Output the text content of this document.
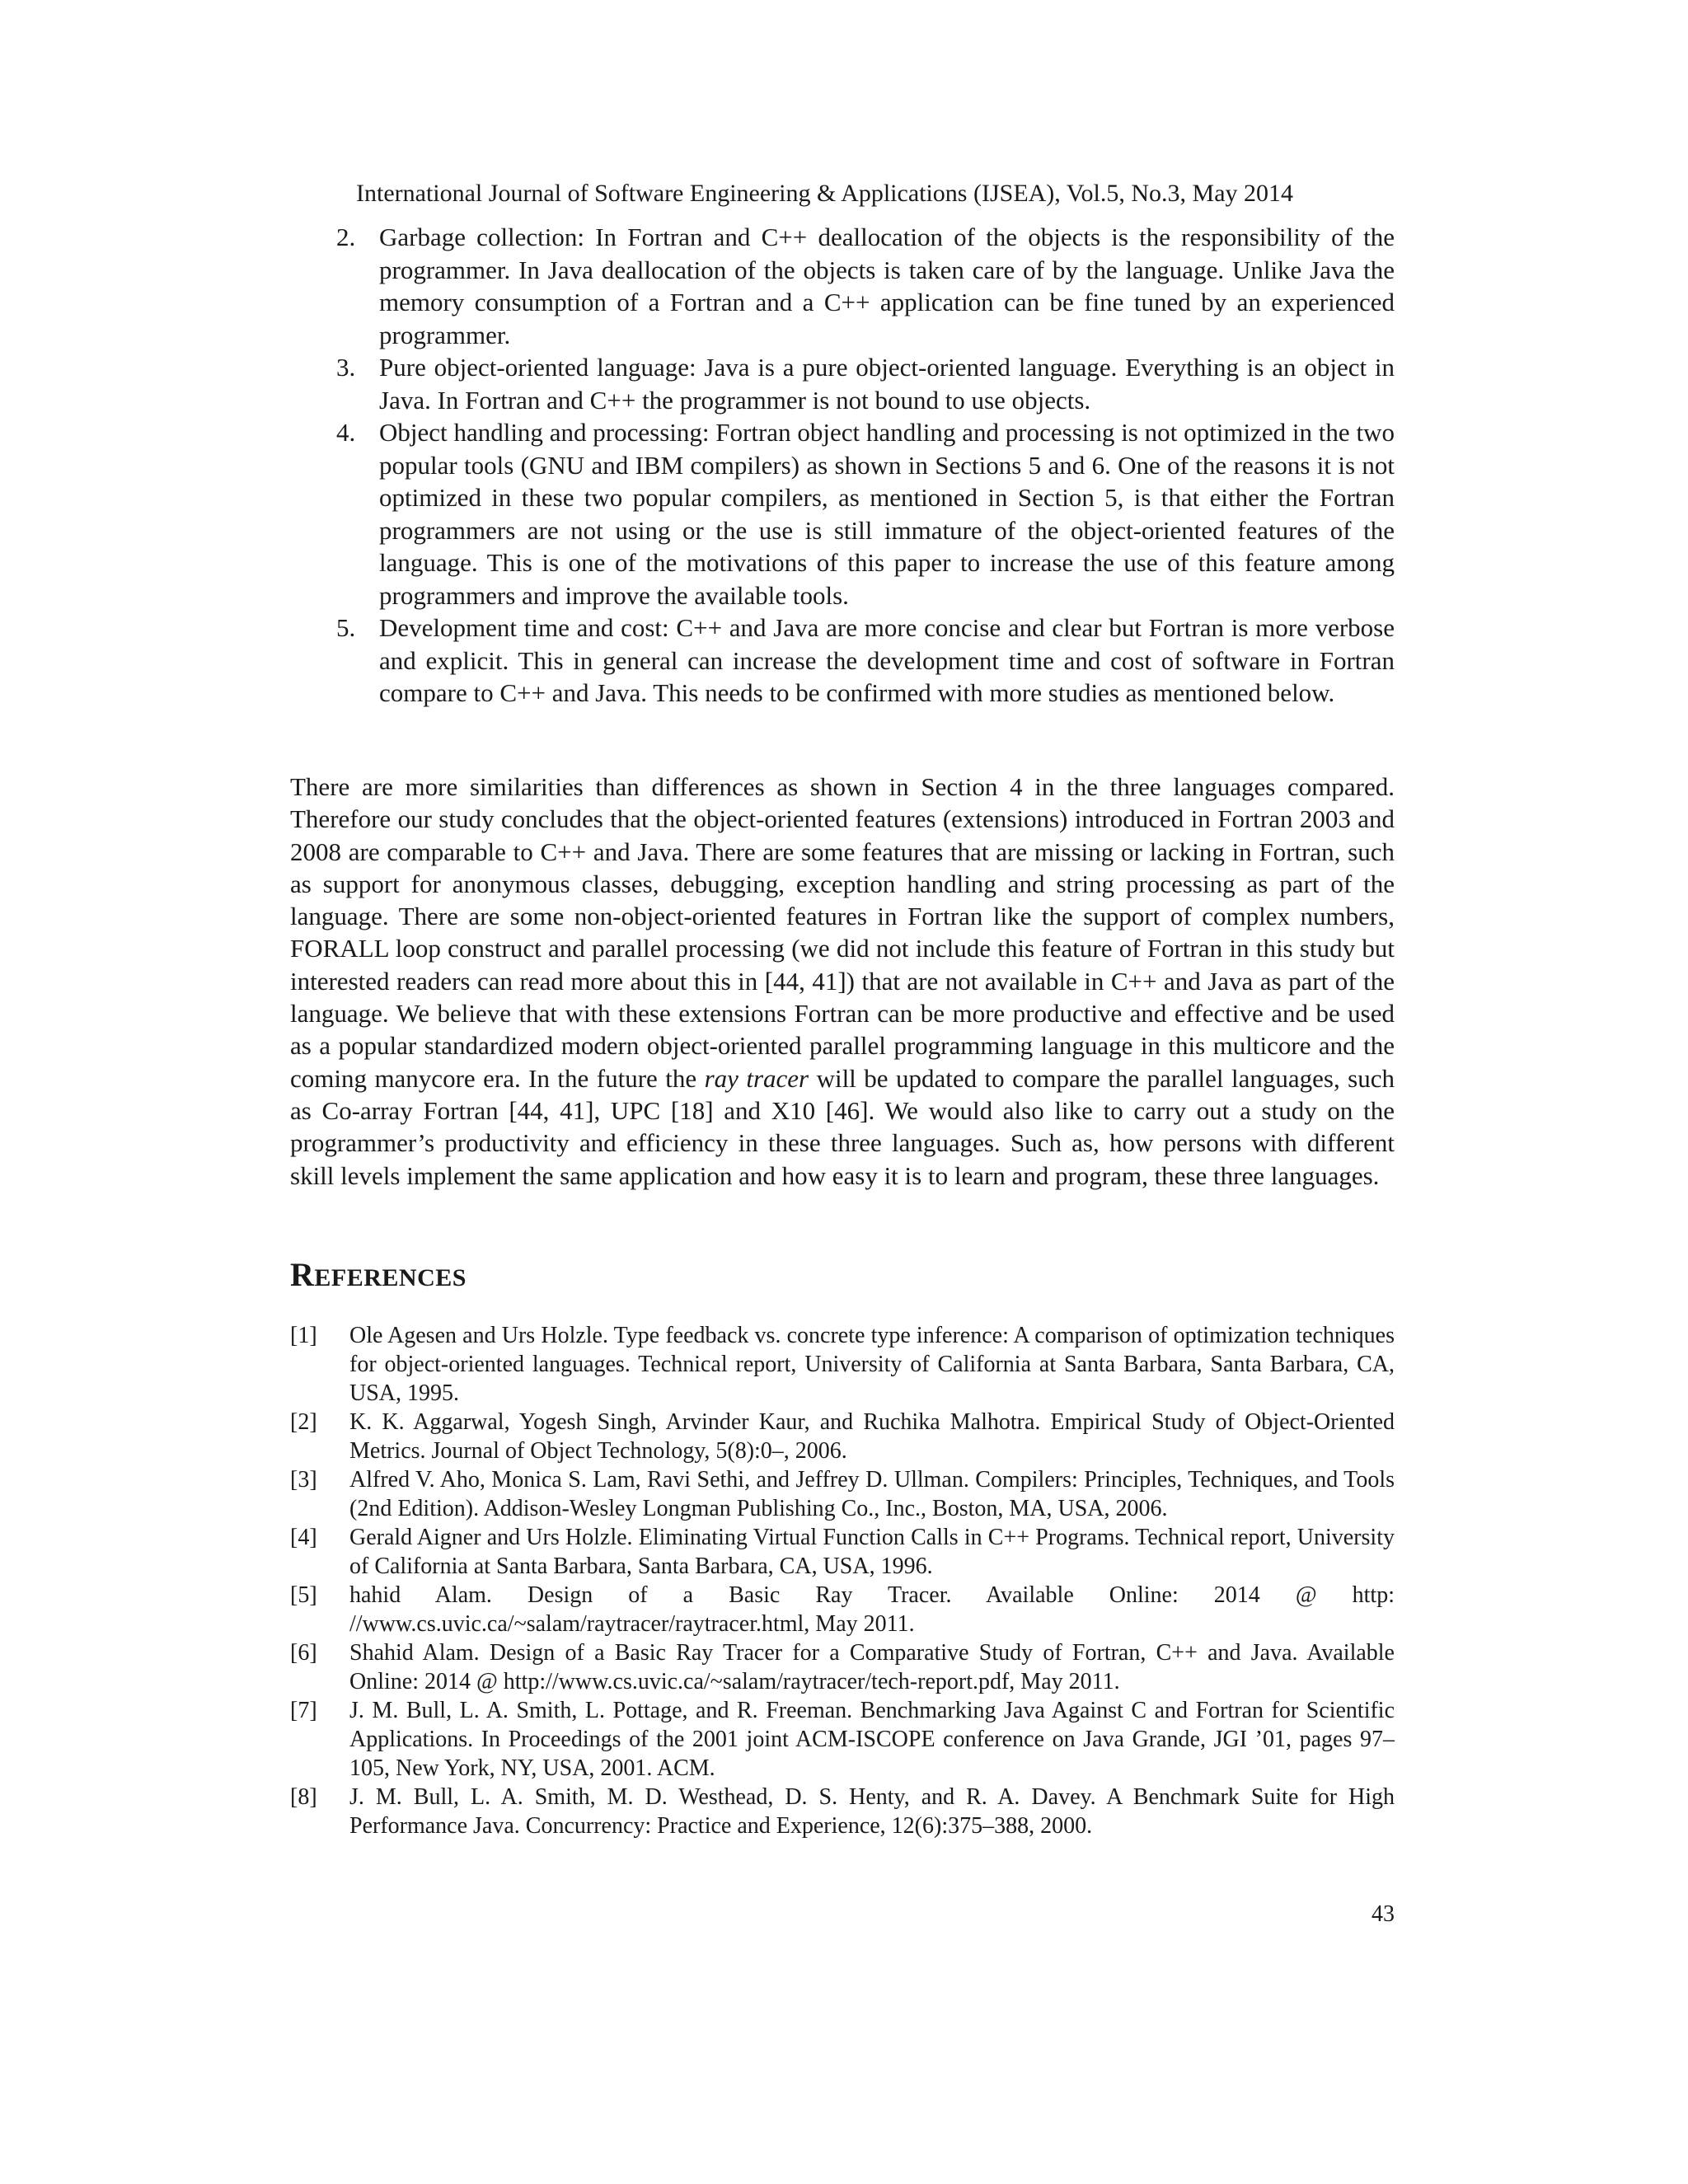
International Journal of Software Engineering & Applications (IJSEA), Vol.5, No.3, May 2014
2. Garbage collection: In Fortran and C++ deallocation of the objects is the responsibility of the programmer. In Java deallocation of the objects is taken care of by the language. Unlike Java the memory consumption of a Fortran and a C++ application can be fine tuned by an experienced programmer.
3. Pure object-oriented language: Java is a pure object-oriented language. Everything is an object in Java. In Fortran and C++ the programmer is not bound to use objects.
4. Object handling and processing: Fortran object handling and processing is not optimized in the two popular tools (GNU and IBM compilers) as shown in Sections 5 and 6. One of the reasons it is not optimized in these two popular compilers, as mentioned in Section 5, is that either the Fortran programmers are not using or the use is still immature of the object-oriented features of the language. This is one of the motivations of this paper to increase the use of this feature among programmers and improve the available tools.
5. Development time and cost: C++ and Java are more concise and clear but Fortran is more verbose and explicit. This in general can increase the development time and cost of software in Fortran compare to C++ and Java. This needs to be confirmed with more studies as mentioned below.

There are more similarities than differences as shown in Section 4 in the three languages compared. Therefore our study concludes that the object-oriented features (extensions) introduced in Fortran 2003 and 2008 are comparable to C++ and Java. There are some features that are missing or lacking in Fortran, such as support for anonymous classes, debugging, exception handling and string processing as part of the language. There are some non-object-oriented features in Fortran like the support of complex numbers, FORALL loop construct and parallel processing (we did not include this feature of Fortran in this study but interested readers can read more about this in [44, 41]) that are not available in C++ and Java as part of the language. We believe that with these extensions Fortran can be more productive and effective and be used as a popular standardized modern object-oriented parallel programming language in this multicore and the coming manycore era. In the future the ray tracer will be updated to compare the parallel languages, such as Co-array Fortran [44, 41], UPC [18] and X10 [46]. We would also like to carry out a study on the programmer’s productivity and efficiency in these three languages. Such as, how persons with different skill levels implement the same application and how easy it is to learn and program, these three languages.

REFERENCES
[1] Ole Agesen and Urs Holzle. Type feedback vs. concrete type inference: A comparison of optimization techniques for object-oriented languages. Technical report, University of California at Santa Barbara, Santa Barbara, CA, USA, 1995.
[2] K. K. Aggarwal, Yogesh Singh, Arvinder Kaur, and Ruchika Malhotra. Empirical Study of Object-Oriented Metrics. Journal of Object Technology, 5(8):0–, 2006.
[3] Alfred V. Aho, Monica S. Lam, Ravi Sethi, and Jeffrey D. Ullman. Compilers: Principles, Techniques, and Tools (2nd Edition). Addison-Wesley Longman Publishing Co., Inc., Boston, MA, USA, 2006.
[4] Gerald Aigner and Urs Holzle. Eliminating Virtual Function Calls in C++ Programs. Technical report, University of California at Santa Barbara, Santa Barbara, CA, USA, 1996.
[5] hahid Alam. Design of a Basic Ray Tracer. Available Online: 2014 @ http: //www.cs.uvic.ca/~salam/raytracer/raytracer.html, May 2011.
[6] Shahid Alam. Design of a Basic Ray Tracer for a Comparative Study of Fortran, C++ and Java. Available Online: 2014 @ http://www.cs.uvic.ca/~salam/raytracer/tech-report.pdf, May 2011.
[7] J. M. Bull, L. A. Smith, L. Pottage, and R. Freeman. Benchmarking Java Against C and Fortran for Scientific Applications. In Proceedings of the 2001 joint ACM-ISCOPE conference on Java Grande, JGI ’01, pages 97–105, New York, NY, USA, 2001. ACM.
[8] J. M. Bull, L. A. Smith, M. D. Westhead, D. S. Henty, and R. A. Davey. A Benchmark Suite for High Performance Java. Concurrency: Practice and Experience, 12(6):375–388, 2000.
43
